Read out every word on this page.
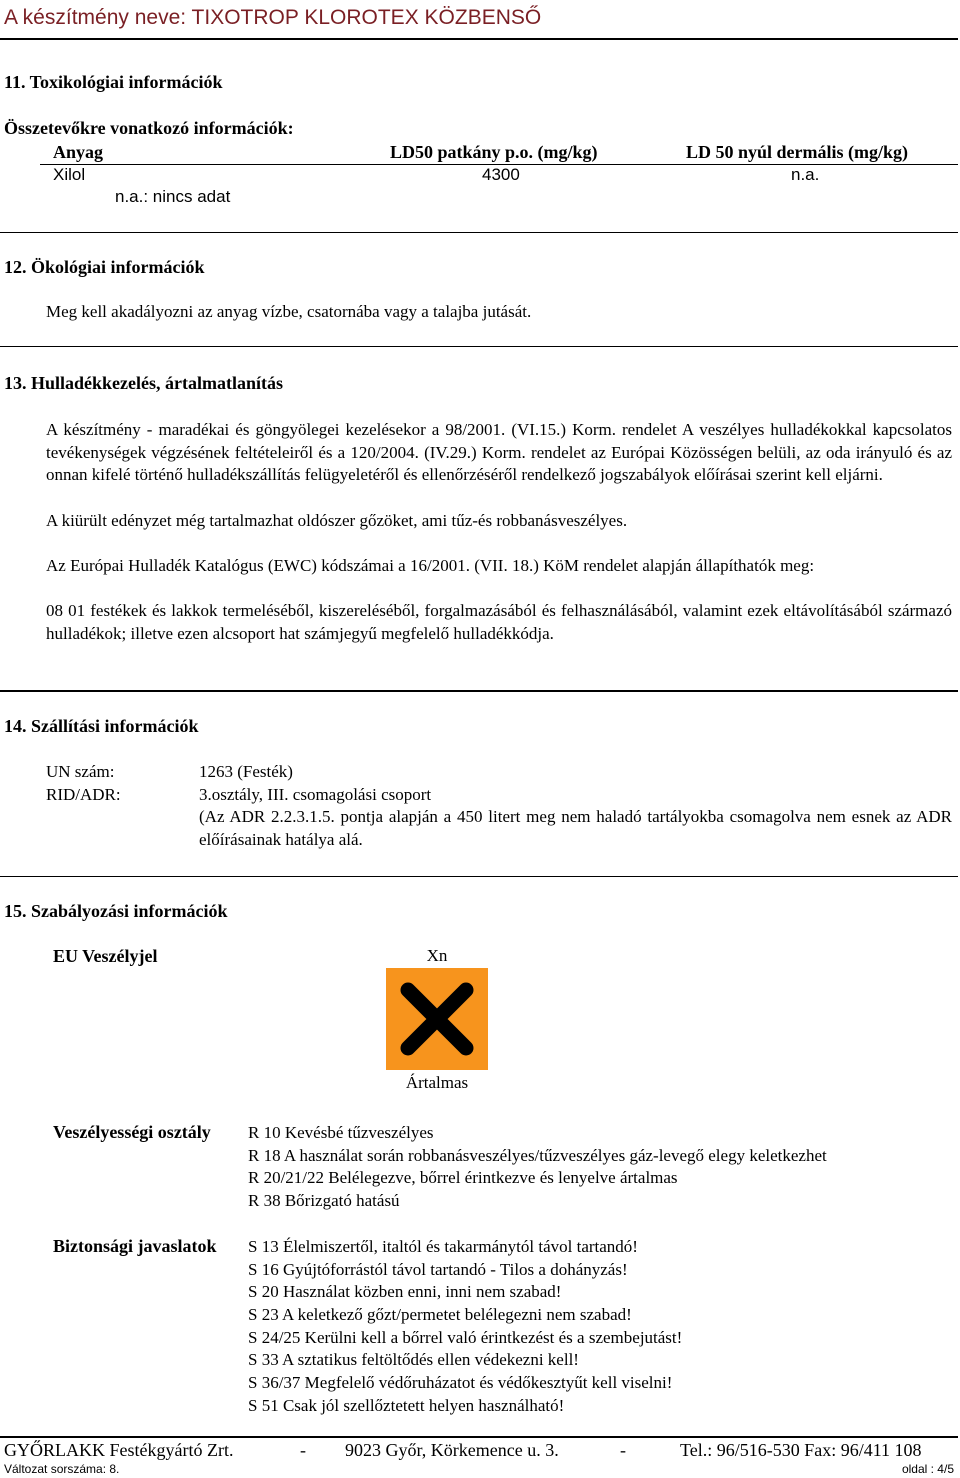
A készítmény neve: TIXOTROP KLOROTEX KÖZBENSŐ
11. Toxikológiai információk
Összetevőkre vonatkozó információk:
Anyag	LD50 patkány p.o. (mg/kg)	LD 50 nyúl dermális (mg/kg)
Xilol	4300	n.a.
n.a.: nincs adat
12. Ökológiai információk
Meg kell akadályozni az anyag vízbe, csatornába vagy a talajba jutását.
13. Hulladékkezelés, ártalmatlanítás
A készítmény - maradékai és göngyölegei kezelésekor a 98/2001. (VI.15.) Korm. rendelet A veszélyes hulladékokkal kapcsolatos tevékenységek végzésének feltételeiről és a 120/2004. (IV.29.) Korm. rendelet az Európai Közösségen belüli, az oda irányuló és az onnan kifelé történő hulladékszállítás felügyeletéről és ellenőrzéséről rendelkező jogszabályok előírásai szerint kell eljárni.
A kiürült edényzet még tartalmazhat oldószer gőzöket, ami tűz-és robbanásveszélyes.
Az Európai Hulladék Katalógus (EWC) kódszámai a 16/2001. (VII. 18.) KöM rendelet alapján állapíthatók meg:
08 01 festékek és lakkok termeléséből, kiszereléséből, forgalmazásából és felhasználásából, valamint ezek eltávolításából származó hulladékok; illetve ezen alcsoport hat számjegyű megfelelő hulladékkódja.
14. Szállítási információk
UN szám:	1263 (Festék)
RID/ADR:	3.osztály, III. csomagolási csoport
(Az ADR 2.2.3.1.5. pontja alapján a 450 litert meg nem haladó tartályokba csomagolva nem esnek az ADR előírásainak hatálya alá.
15. Szabályozási információk
EU Veszélyjel	Xn
Ártalmas
Veszélyességi osztály R 10 Kevésbé tűzveszélyes
R 18 A használat során robbanásveszélyes/tűzveszélyes gáz-levegő elegy keletkezhet
R 20/21/22 Belélegezve, bőrrel érintkezve és lenyelve ártalmas
R 38 Bőrizgató hatású
Biztonsági javaslatok S 13 Élelmiszertől, italtól és takarmánytól távol tartandó!
S 16 Gyújtóforrástól távol tartandó - Tilos a dohányzás!
S 20 Használat közben enni, inni nem szabad!
S 23 A keletkező gőzt/permetet belélegezni nem szabad!
S 24/25 Kerülni kell a bőrrel való érintkezést és a szembejutást!
S 33 A sztatikus feltöltődés ellen védekezni kell!
S 36/37 Megfelelő védőruházatot és védőkesztyűt kell viselni!
S 51 Csak jól szellőztetett helyen használható!
GYŐRLAKK Festékgyártó Zrt.	- 9023 Győr, Körkemence u. 3.	-	Tel.: 96/516-530 Fax: 96/411 108
Változat sorszáma: 8.	oldal : 4/5
